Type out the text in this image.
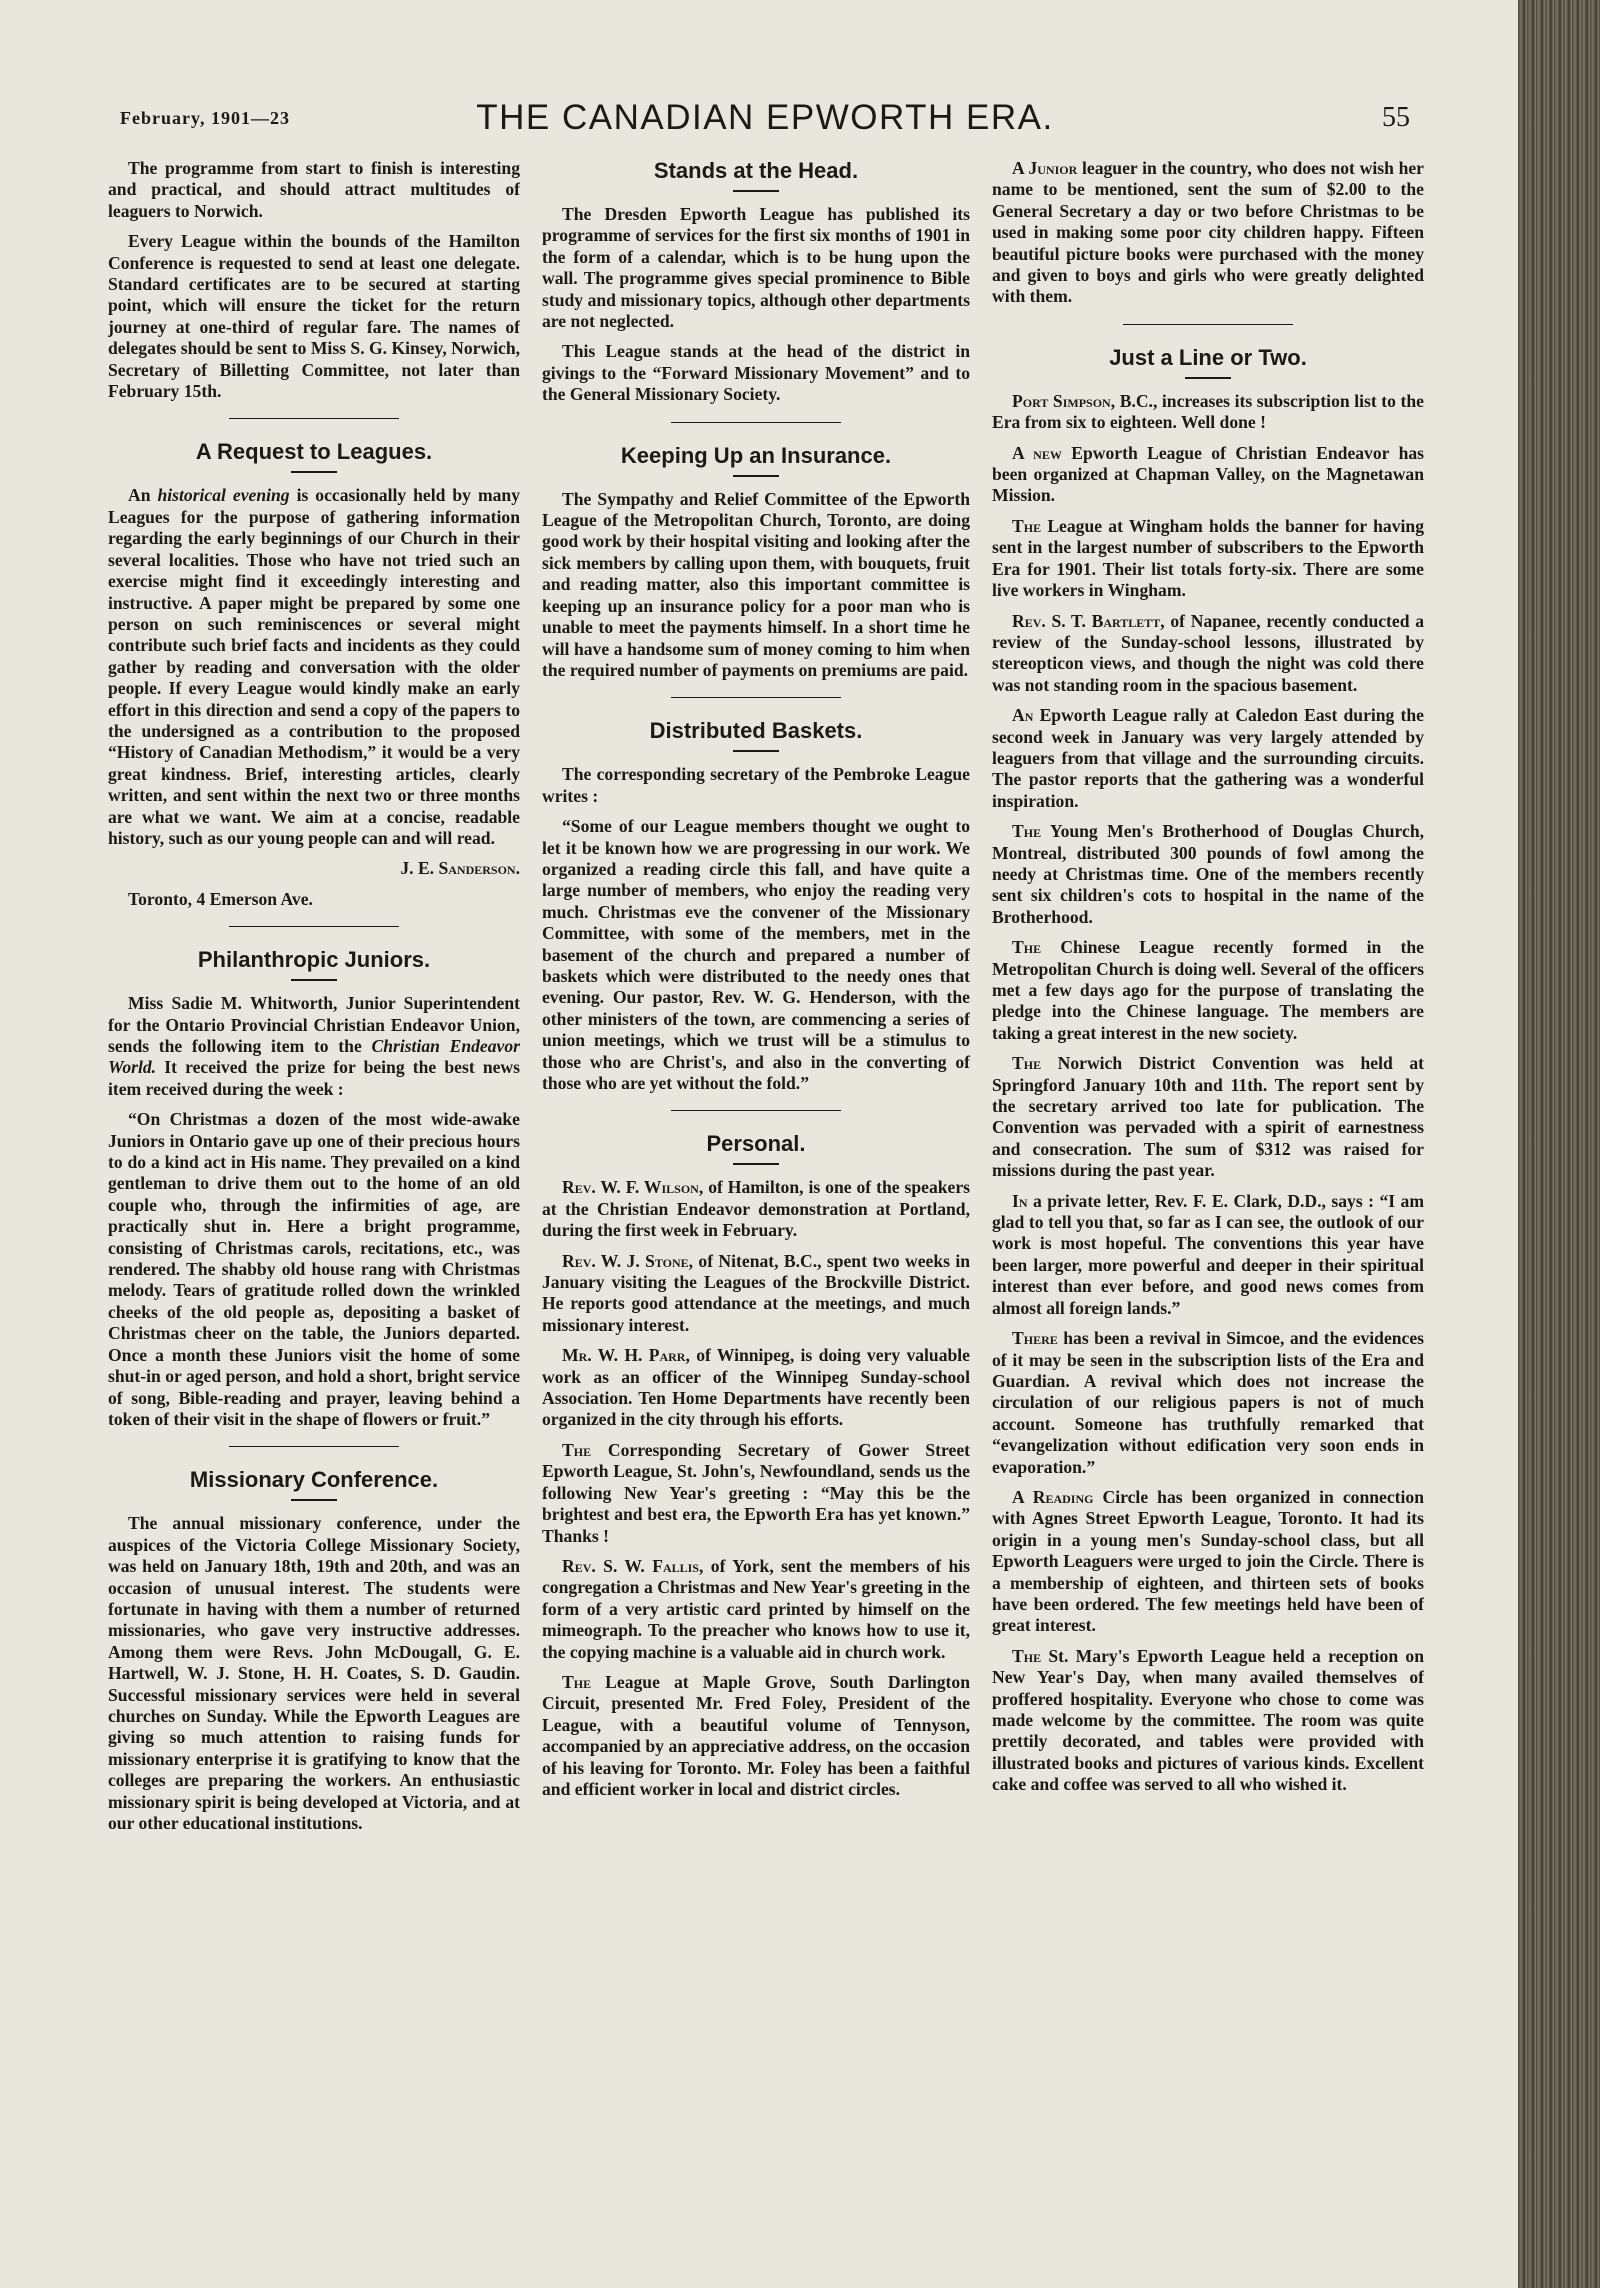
February, 1901—23	THE CANADIAN EPWORTH ERA.	55

The programme from start to finish is interesting and practical, and should attract multitudes of leaguers to Norwich.

Every League within the bounds of the Hamilton Conference is requested to send at least one delegate. Standard certificates are to be secured at starting point, which will ensure the ticket for the return journey at one-third of regular fare. The names of delegates should be sent to Miss S. G. Kinsey, Norwich, Secretary of Billetting Committee, not later than February 15th.

A Request to Leagues.

An historical evening is occasionally held by many Leagues for the purpose of gathering information regarding the early beginnings of our Church in their several localities. Those who have not tried such an exercise might find it exceedingly interesting and instructive. A paper might be prepared by some one person on such reminiscences or several might contribute such brief facts and incidents as they could gather by reading and conversation with the older people. If every League would kindly make an early effort in this direction and send a copy of the papers to the undersigned as a contribution to the proposed “History of Canadian Methodism,” it would be a very great kindness. Brief, interesting articles, clearly written, and sent within the next two or three months are what we want. We aim at a concise, readable history, such as our young people can and will read.

J. E. Sanderson.

Toronto, 4 Emerson Ave.

Philanthropic Juniors.

Miss Sadie M. Whitworth, Junior Superintendent for the Ontario Provincial Christian Endeavor Union, sends the following item to the Christian Endeavor World. It received the prize for being the best news item received during the week :

“On Christmas a dozen of the most wide-awake Juniors in Ontario gave up one of their precious hours to do a kind act in His name. They prevailed on a kind gentleman to drive them out to the home of an old couple who, through the infirmities of age, are practically shut in. Here a bright programme, consisting of Christmas carols, recitations, etc., was rendered. The shabby old house rang with Christmas melody. Tears of gratitude rolled down the wrinkled cheeks of the old people as, depositing a basket of Christmas cheer on the table, the Juniors departed. Once a month these Juniors visit the home of some shut-in or aged person, and hold a short, bright service of song, Bible-reading and prayer, leaving behind a token of their visit in the shape of flowers or fruit.”

Missionary Conference.

The annual missionary conference, under the auspices of the Victoria College Missionary Society, was held on January 18th, 19th and 20th, and was an occasion of unusual interest. The students were fortunate in having with them a number of returned missionaries, who gave very instructive addresses. Among them were Revs. John McDougall, G. E. Hartwell, W. J. Stone, H. H. Coates, S. D. Gaudin. Successful missionary services were held in several churches on Sunday. While the Epworth Leagues are giving so much attention to raising funds for missionary enterprise it is gratifying to know that the colleges are preparing the workers. An enthusiastic missionary spirit is being developed at Victoria, and at our other educational institutions.

Stands at the Head.

The Dresden Epworth League has published its programme of services for the first six months of 1901 in the form of a calendar, which is to be hung upon the wall. The programme gives special prominence to Bible study and missionary topics, although other departments are not neglected.

This League stands at the head of the district in givings to the “Forward Missionary Movement” and to the General Missionary Society.

Keeping Up an Insurance.

The Sympathy and Relief Committee of the Epworth League of the Metropolitan Church, Toronto, are doing good work by their hospital visiting and looking after the sick members by calling upon them, with bouquets, fruit and reading matter, also this important committee is keeping up an insurance policy for a poor man who is unable to meet the payments himself. In a short time he will have a handsome sum of money coming to him when the required number of payments on premiums are paid.

Distributed Baskets.

The corresponding secretary of the Pembroke League writes :

“Some of our League members thought we ought to let it be known how we are progressing in our work. We organized a reading circle this fall, and have quite a large number of members, who enjoy the reading very much. Christmas eve the convener of the Missionary Committee, with some of the members, met in the basement of the church and prepared a number of baskets which were distributed to the needy ones that evening. Our pastor, Rev. W. G. Henderson, with the other ministers of the town, are commencing a series of union meetings, which we trust will be a stimulus to those who are Christ's, and also in the converting of those who are yet without the fold.”

Personal.

Rev. W. F. Wilson, of Hamilton, is one of the speakers at the Christian Endeavor demonstration at Portland, during the first week in February.

Rev. W. J. Stone, of Nitenat, B.C., spent two weeks in January visiting the Leagues of the Brockville District. He reports good attendance at the meetings, and much missionary interest.

Mr. W. H. Parr, of Winnipeg, is doing very valuable work as an officer of the Winnipeg Sunday-school Association. Ten Home Departments have recently been organized in the city through his efforts.

The Corresponding Secretary of Gower Street Epworth League, St. John's, Newfoundland, sends us the following New Year's greeting : “May this be the brightest and best era, the Epworth Era has yet known.” Thanks !

Rev. S. W. Fallis, of York, sent the members of his congregation a Christmas and New Year's greeting in the form of a very artistic card printed by himself on the mimeograph. To the preacher who knows how to use it, the copying machine is a valuable aid in church work.

The League at Maple Grove, South Darlington Circuit, presented Mr. Fred Foley, President of the League, with a beautiful volume of Tennyson, accompanied by an appreciative address, on the occasion of his leaving for Toronto. Mr. Foley has been a faithful and efficient worker in local and district circles.

A Junior leaguer in the country, who does not wish her name to be mentioned, sent the sum of $2.00 to the General Secretary a day or two before Christmas to be used in making some poor city children happy. Fifteen beautiful picture books were purchased with the money and given to boys and girls who were greatly delighted with them.

Just a Line or Two.

Port Simpson, B.C., increases its subscription list to the Era from six to eighteen. Well done !

A new Epworth League of Christian Endeavor has been organized at Chapman Valley, on the Magnetawan Mission.

The League at Wingham holds the banner for having sent in the largest number of subscribers to the Epworth Era for 1901. Their list totals forty-six. There are some live workers in Wingham.

Rev. S. T. Bartlett, of Napanee, recently conducted a review of the Sunday-school lessons, illustrated by stereopticon views, and though the night was cold there was not standing room in the spacious basement.

An Epworth League rally at Caledon East during the second week in January was very largely attended by leaguers from that village and the surrounding circuits. The pastor reports that the gathering was a wonderful inspiration.

The Young Men's Brotherhood of Douglas Church, Montreal, distributed 300 pounds of fowl among the needy at Christmas time. One of the members recently sent six children's cots to hospital in the name of the Brotherhood.

The Chinese League recently formed in the Metropolitan Church is doing well. Several of the officers met a few days ago for the purpose of translating the pledge into the Chinese language. The members are taking a great interest in the new society.

The Norwich District Convention was held at Springford January 10th and 11th. The report sent by the secretary arrived too late for publication. The Convention was pervaded with a spirit of earnestness and consecration. The sum of $312 was raised for missions during the past year.

In a private letter, Rev. F. E. Clark, D.D., says : “I am glad to tell you that, so far as I can see, the outlook of our work is most hopeful. The conventions this year have been larger, more powerful and deeper in their spiritual interest than ever before, and good news comes from almost all foreign lands.”

There has been a revival in Simcoe, and the evidences of it may be seen in the subscription lists of the Era and Guardian. A revival which does not increase the circulation of our religious papers is not of much account. Someone has truthfully remarked that “evangelization without edification very soon ends in evaporation.”

A Reading Circle has been organized in connection with Agnes Street Epworth League, Toronto. It had its origin in a young men's Sunday-school class, but all Epworth Leaguers were urged to join the Circle. There is a membership of eighteen, and thirteen sets of books have been ordered. The few meetings held have been of great interest.

The St. Mary's Epworth League held a reception on New Year's Day, when many availed themselves of proffered hospitality. Everyone who chose to come was made welcome by the committee. The room was quite prettily decorated, and tables were provided with illustrated books and pictures of various kinds. Excellent cake and coffee was served to all who wished it.
